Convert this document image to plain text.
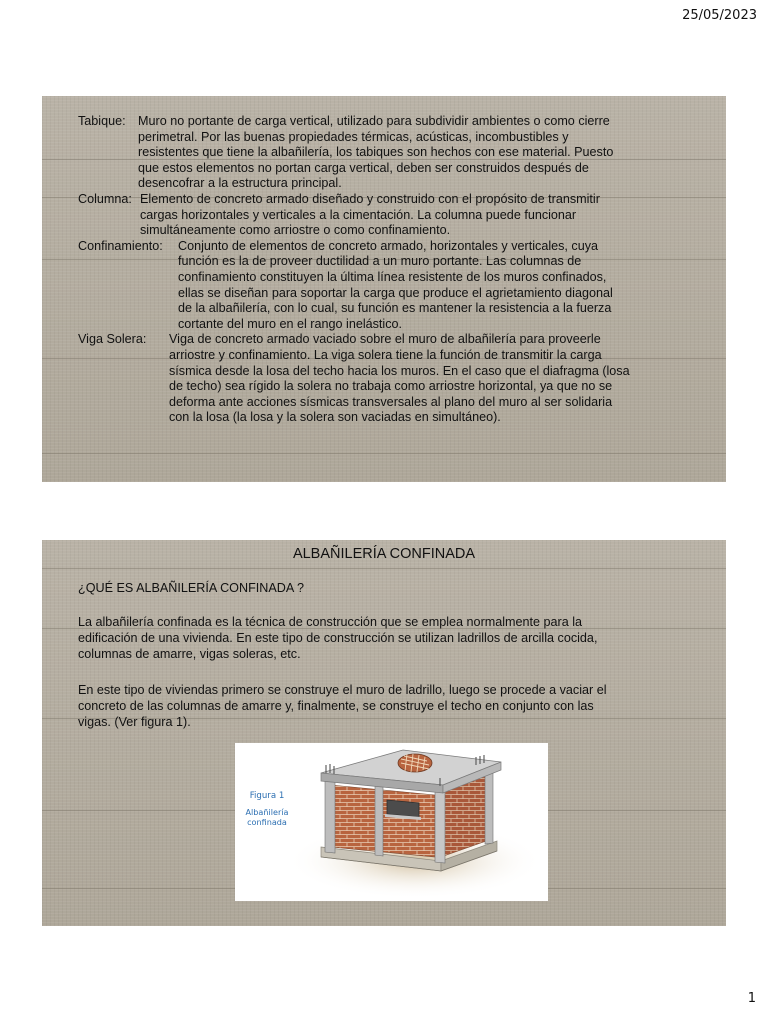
25/05/2023
Tabique: Muro no portante de carga vertical, utilizado para subdividir ambientes o como cierre
perimetral. Por las buenas propiedades térmicas, acústicas, incombustibles y
resistentes que tiene la albañilería, los tabiques son hechos con ese material. Puesto
que estos elementos no portan carga vertical, deben ser construidos después de
desencofrar a la estructura principal.
Columna: Elemento de concreto armado diseñado y construido con el propósito de transmitir
cargas horizontales y verticales a la cimentación. La columna puede funcionar
simultáneamente como arriostre o como confinamiento.
Confinamiento:	Conjunto de elementos de concreto armado, horizontales y verticales, cuya
función es la de proveer ductilidad a un muro portante. Las columnas de
confinamiento constituyen la última línea resistente de los muros confinados,
ellas se diseñan para soportar la carga que produce el agrietamiento diagonal
de la albañilería, con lo cual, su función es mantener la resistencia a la fuerza
cortante del muro en el rango inelástico.
Viga Solera:	Viga de concreto armado vaciado sobre el muro de albañilería para proveerle
arriostre y confinamiento. La viga solera tiene la función de transmitir la carga
sísmica desde la losa del techo hacia los muros. En el caso que el diafragma (losa
de techo) sea rígido la solera no trabaja como arriostre horizontal, ya que no se
deforma ante acciones sísmicas transversales al plano del muro al ser solidaria
con la losa (la losa y la solera son vaciadas en simultáneo).
ALBAÑILERÍA CONFINADA
¿QUÉ ES ALBAÑILERÍA CONFINADA ?
La albañilería confinada es la técnica de construcción que se emplea normalmente para la
edificación de una vivienda. En este tipo de construcción se utilizan ladrillos de arcilla cocida,
columnas de amarre, vigas soleras, etc.
En este tipo de viviendas primero se construye el muro de ladrillo, luego se procede a vaciar el
concreto de las columnas de amarre y, finalmente, se construye el techo en conjunto con las
vigas. (Ver figura 1).
Figura 1
Albañilería
confinada
1
